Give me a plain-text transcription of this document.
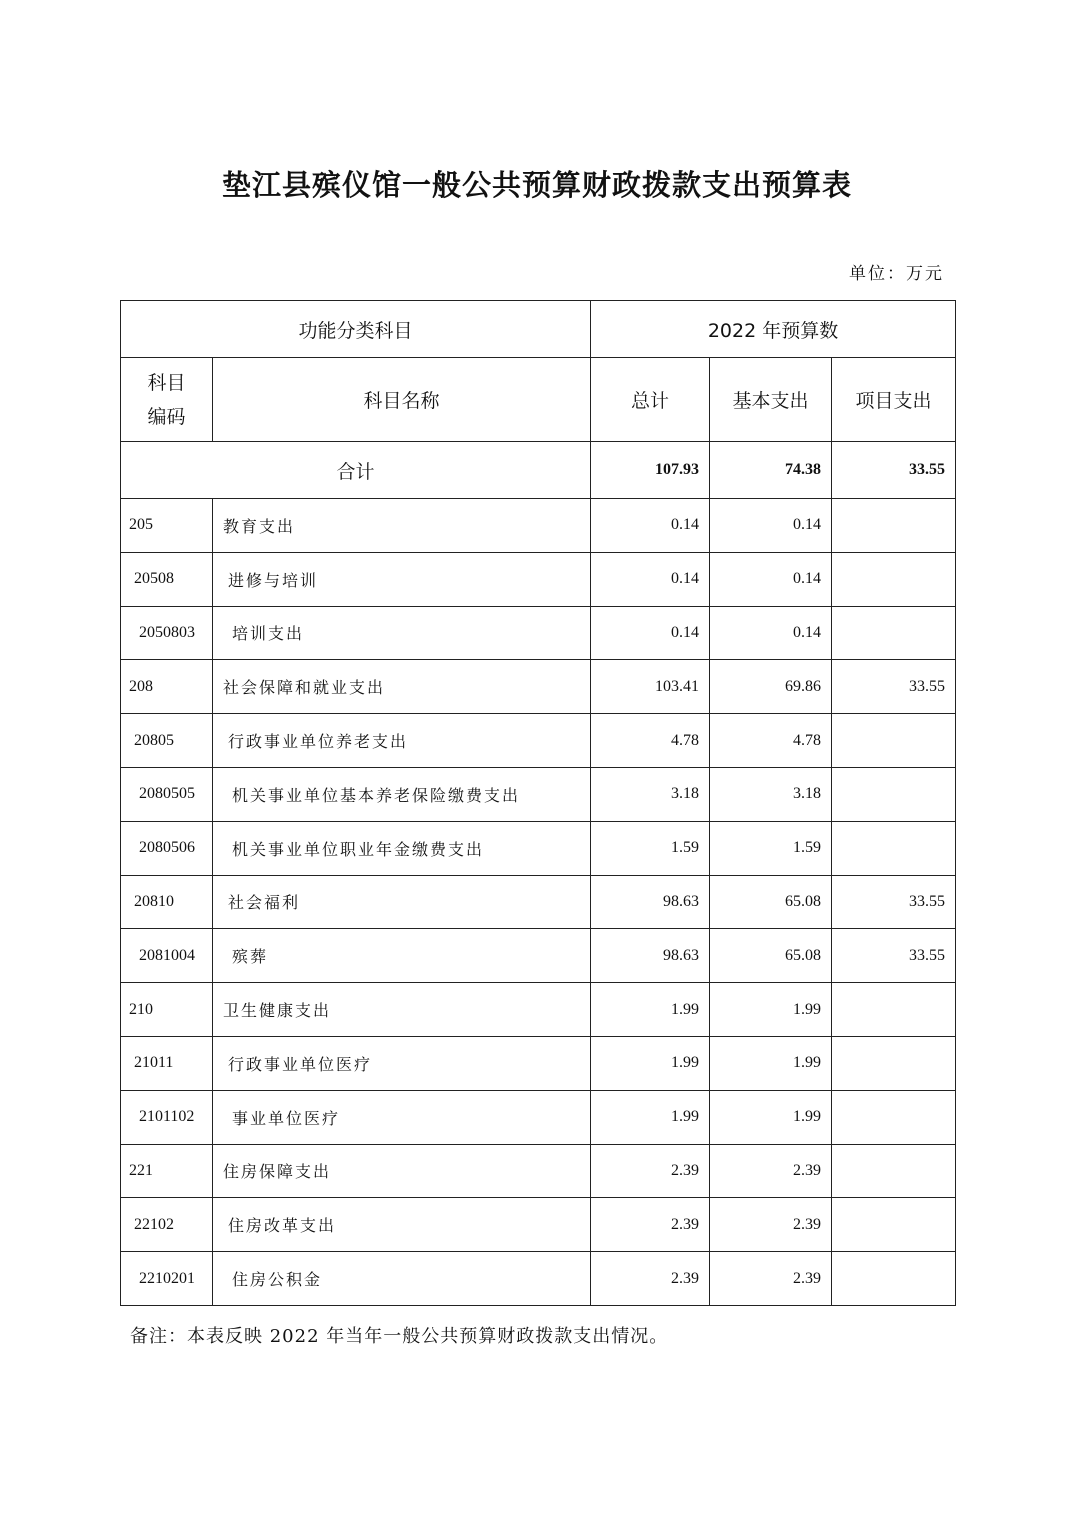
垫江县殡仪馆一般公共预算财政拨款支出预算表
单位：万元
功能分类科目		2022 年预算数		
科目
编码	科目名称	总计	基本支出	项目支出
合计		107.93	74.38	33.55
205	教育支出	0.14	0.14	
20508	进修与培训	0.14	0.14	
2050803	培训支出	0.14	0.14	
208	社会保障和就业支出	103.41	69.86	33.55
20805	行政事业单位养老支出	4.78	4.78	
2080505	机关事业单位基本养老保险缴费支出	3.18	3.18	
2080506	机关事业单位职业年金缴费支出	1.59	1.59	
20810	社会福利	98.63	65.08	33.55
2081004	殡葬	98.63	65.08	33.55
210	卫生健康支出	1.99	1.99	
21011	行政事业单位医疗	1.99	1.99	
2101102	事业单位医疗	1.99	1.99	
221	住房保障支出	2.39	2.39	
22102	住房改革支出	2.39	2.39	
2210201	住房公积金	2.39	2.39	
备注：本表反映 2022 年当年一般公共预算财政拨款支出情况。
